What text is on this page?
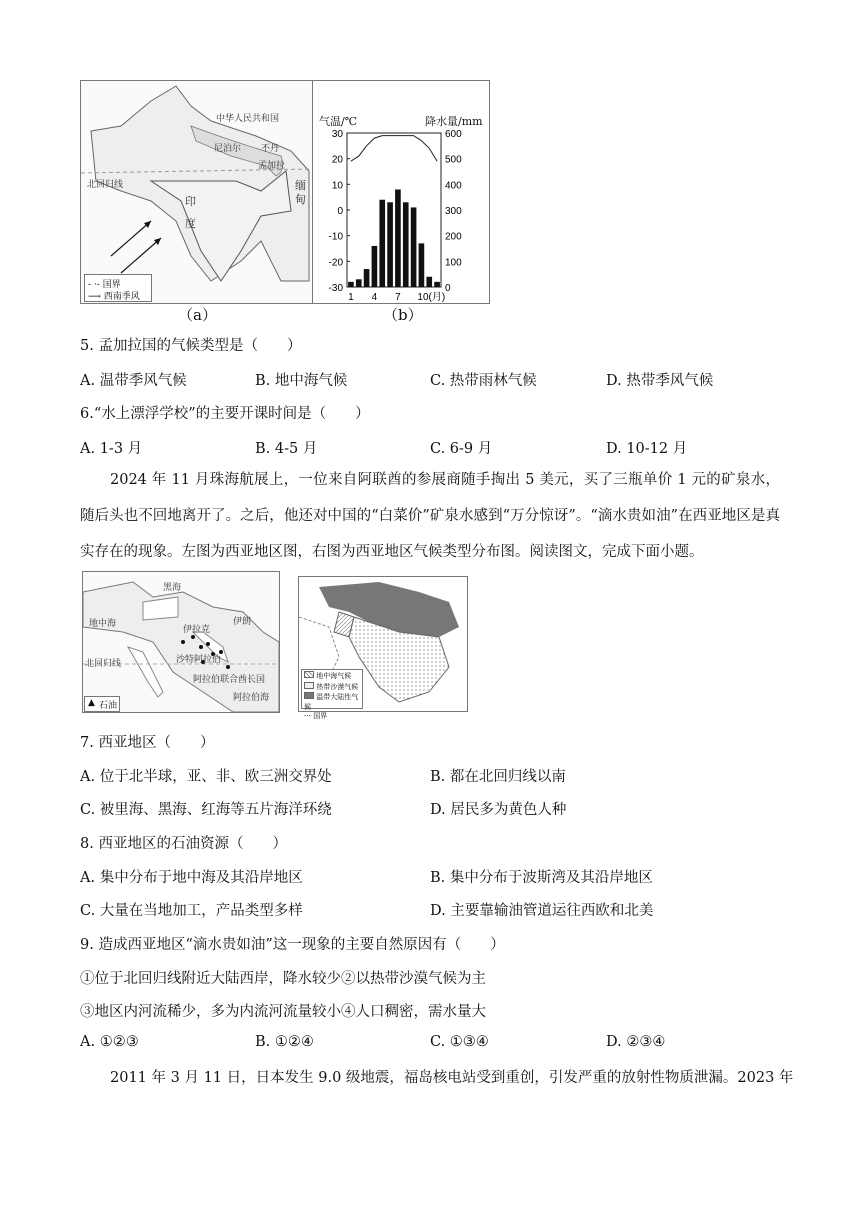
中华人民共和国
尼泊尔 不丹
孟加拉
缅
甸
北回归线
印
度
- ·- 国界
⟶ 西南季风
（a）
气温/℃	降水量/mm
30	600
20	500
10	400
0	300
-10	200
-20	100
-30	0
1 4 7 10(月)
（b）
5. 孟加拉国的气候类型是（　　）
A. 温带季风气候	B. 地中海气候	C. 热带雨林气候	D. 热带季风气候
6.“水上漂浮学校”的主要开课时间是（　　）
A. 1-3 月	B. 4-5 月	C. 6-9 月	D. 10-12 月
2024 年 11 月珠海航展上，一位来自阿联酋的参展商随手掏出 5 美元，买了三瓶单价 1 元的矿泉水，随后头也不回地离开了。之后，他还对中国的“白菜价”矿泉水感到“万分惊讶”。“滴水贵如油”在西亚地区是真实存在的现象。左图为西亚地区图，右图为西亚地区气候类型分布图。阅读图文，完成下面小题。
黑海
地中海	伊朗
伊拉克
沙特阿拉伯
阿拉伯联合酋长国
阿拉伯海
北回归线
▲ 石油
地中海气候
热带沙漠气候
温带大陆性气候
-·- 国界
7. 西亚地区（　　）
A. 位于北半球，亚、非、欧三洲交界处	B. 都在北回归线以南
C. 被里海、黑海、红海等五片海洋环绕	D. 居民多为黄色人种
8. 西亚地区的石油资源（　　）
A. 集中分布于地中海及其沿岸地区	B. 集中分布于波斯湾及其沿岸地区
C. 大量在当地加工，产品类型多样	D. 主要靠输油管道运往西欧和北美
9. 造成西亚地区“滴水贵如油”这一现象的主要自然原因有（　　）
①位于北回归线附近大陆西岸，降水较少②以热带沙漠气候为主
③地区内河流稀少，多为内流河流量较小④人口稠密，需水量大
A. ①②③	B. ①②④	C. ①③④	D. ②③④
2011 年 3 月 11 日，日本发生 9.0 级地震，福岛核电站受到重创，引发严重的放射性物质泄漏。2023 年
